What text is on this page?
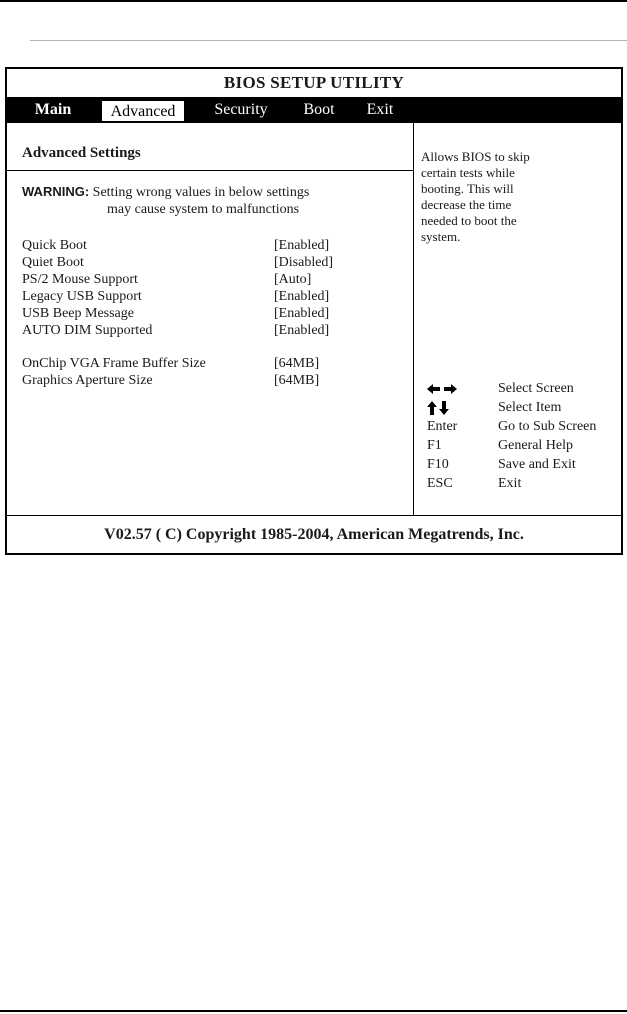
BIOS SETUP UTILITY
Main	Advanced	Security	Boot	Exit
Advanced Settings
WARNING: Setting wrong values in below settings
may cause system to malfunctions
Quick Boot	[Enabled]
Quiet Boot	[Disabled]
PS/2 Mouse Support	[Auto]
Legacy USB Support	[Enabled]
USB Beep Message	[Enabled]
AUTO DIM Supported	[Enabled]
OnChip VGA Frame Buffer Size	[64MB]
Graphics Aperture Size	[64MB]
Allows BIOS to skip
certain tests while
booting. This will
decrease the time
needed to boot the
system.
Select Screen
Select Item
Enter	Go to Sub Screen
F1	General Help
F10	Save and Exit
ESC	Exit
V02.57 ( C) Copyright 1985-2004, American Megatrends, Inc.
